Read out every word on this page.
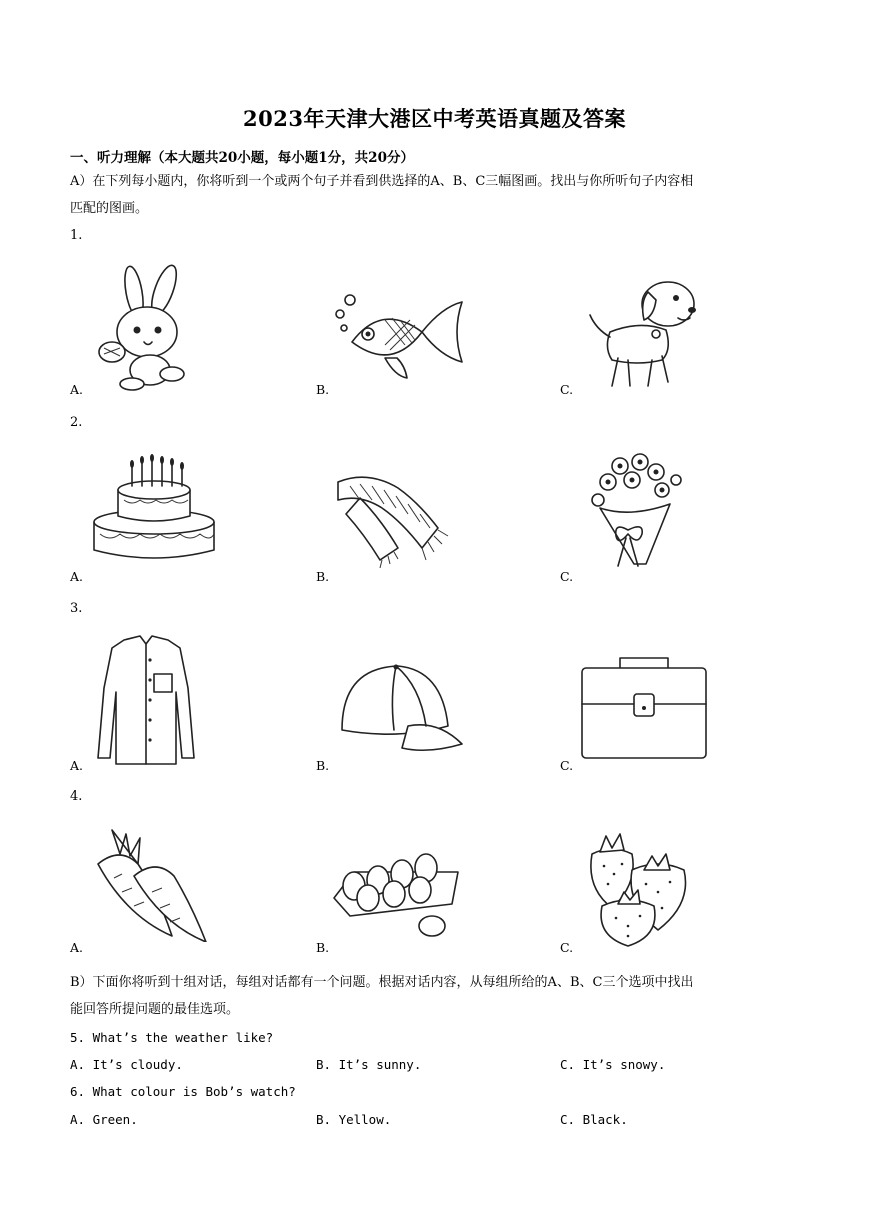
2023年天津大港区中考英语真题及答案
一、听力理解（本大题共20小题，每小题1分，共20分）
A）在下列每小题内，你将听到一个或两个句子并看到供选择的A、B、C三幅图画。找出与你所听句子内容相
匹配的图画。
1.
A.	B.	C.
2.
A.	B.	C.
3.
A.	B.	C.
4.
A.	B.	C.
B）下面你将听到十组对话，每组对话都有一个问题。根据对话内容，从每组所给的A、B、C三个选项中找出
能回答所提问题的最佳选项。
5. What’s the weather like?
A. It’s cloudy.	B. It’s sunny.	C. It’s snowy.
6. What colour is Bob’s watch?
A. Green.	B. Yellow.	C. Black.
